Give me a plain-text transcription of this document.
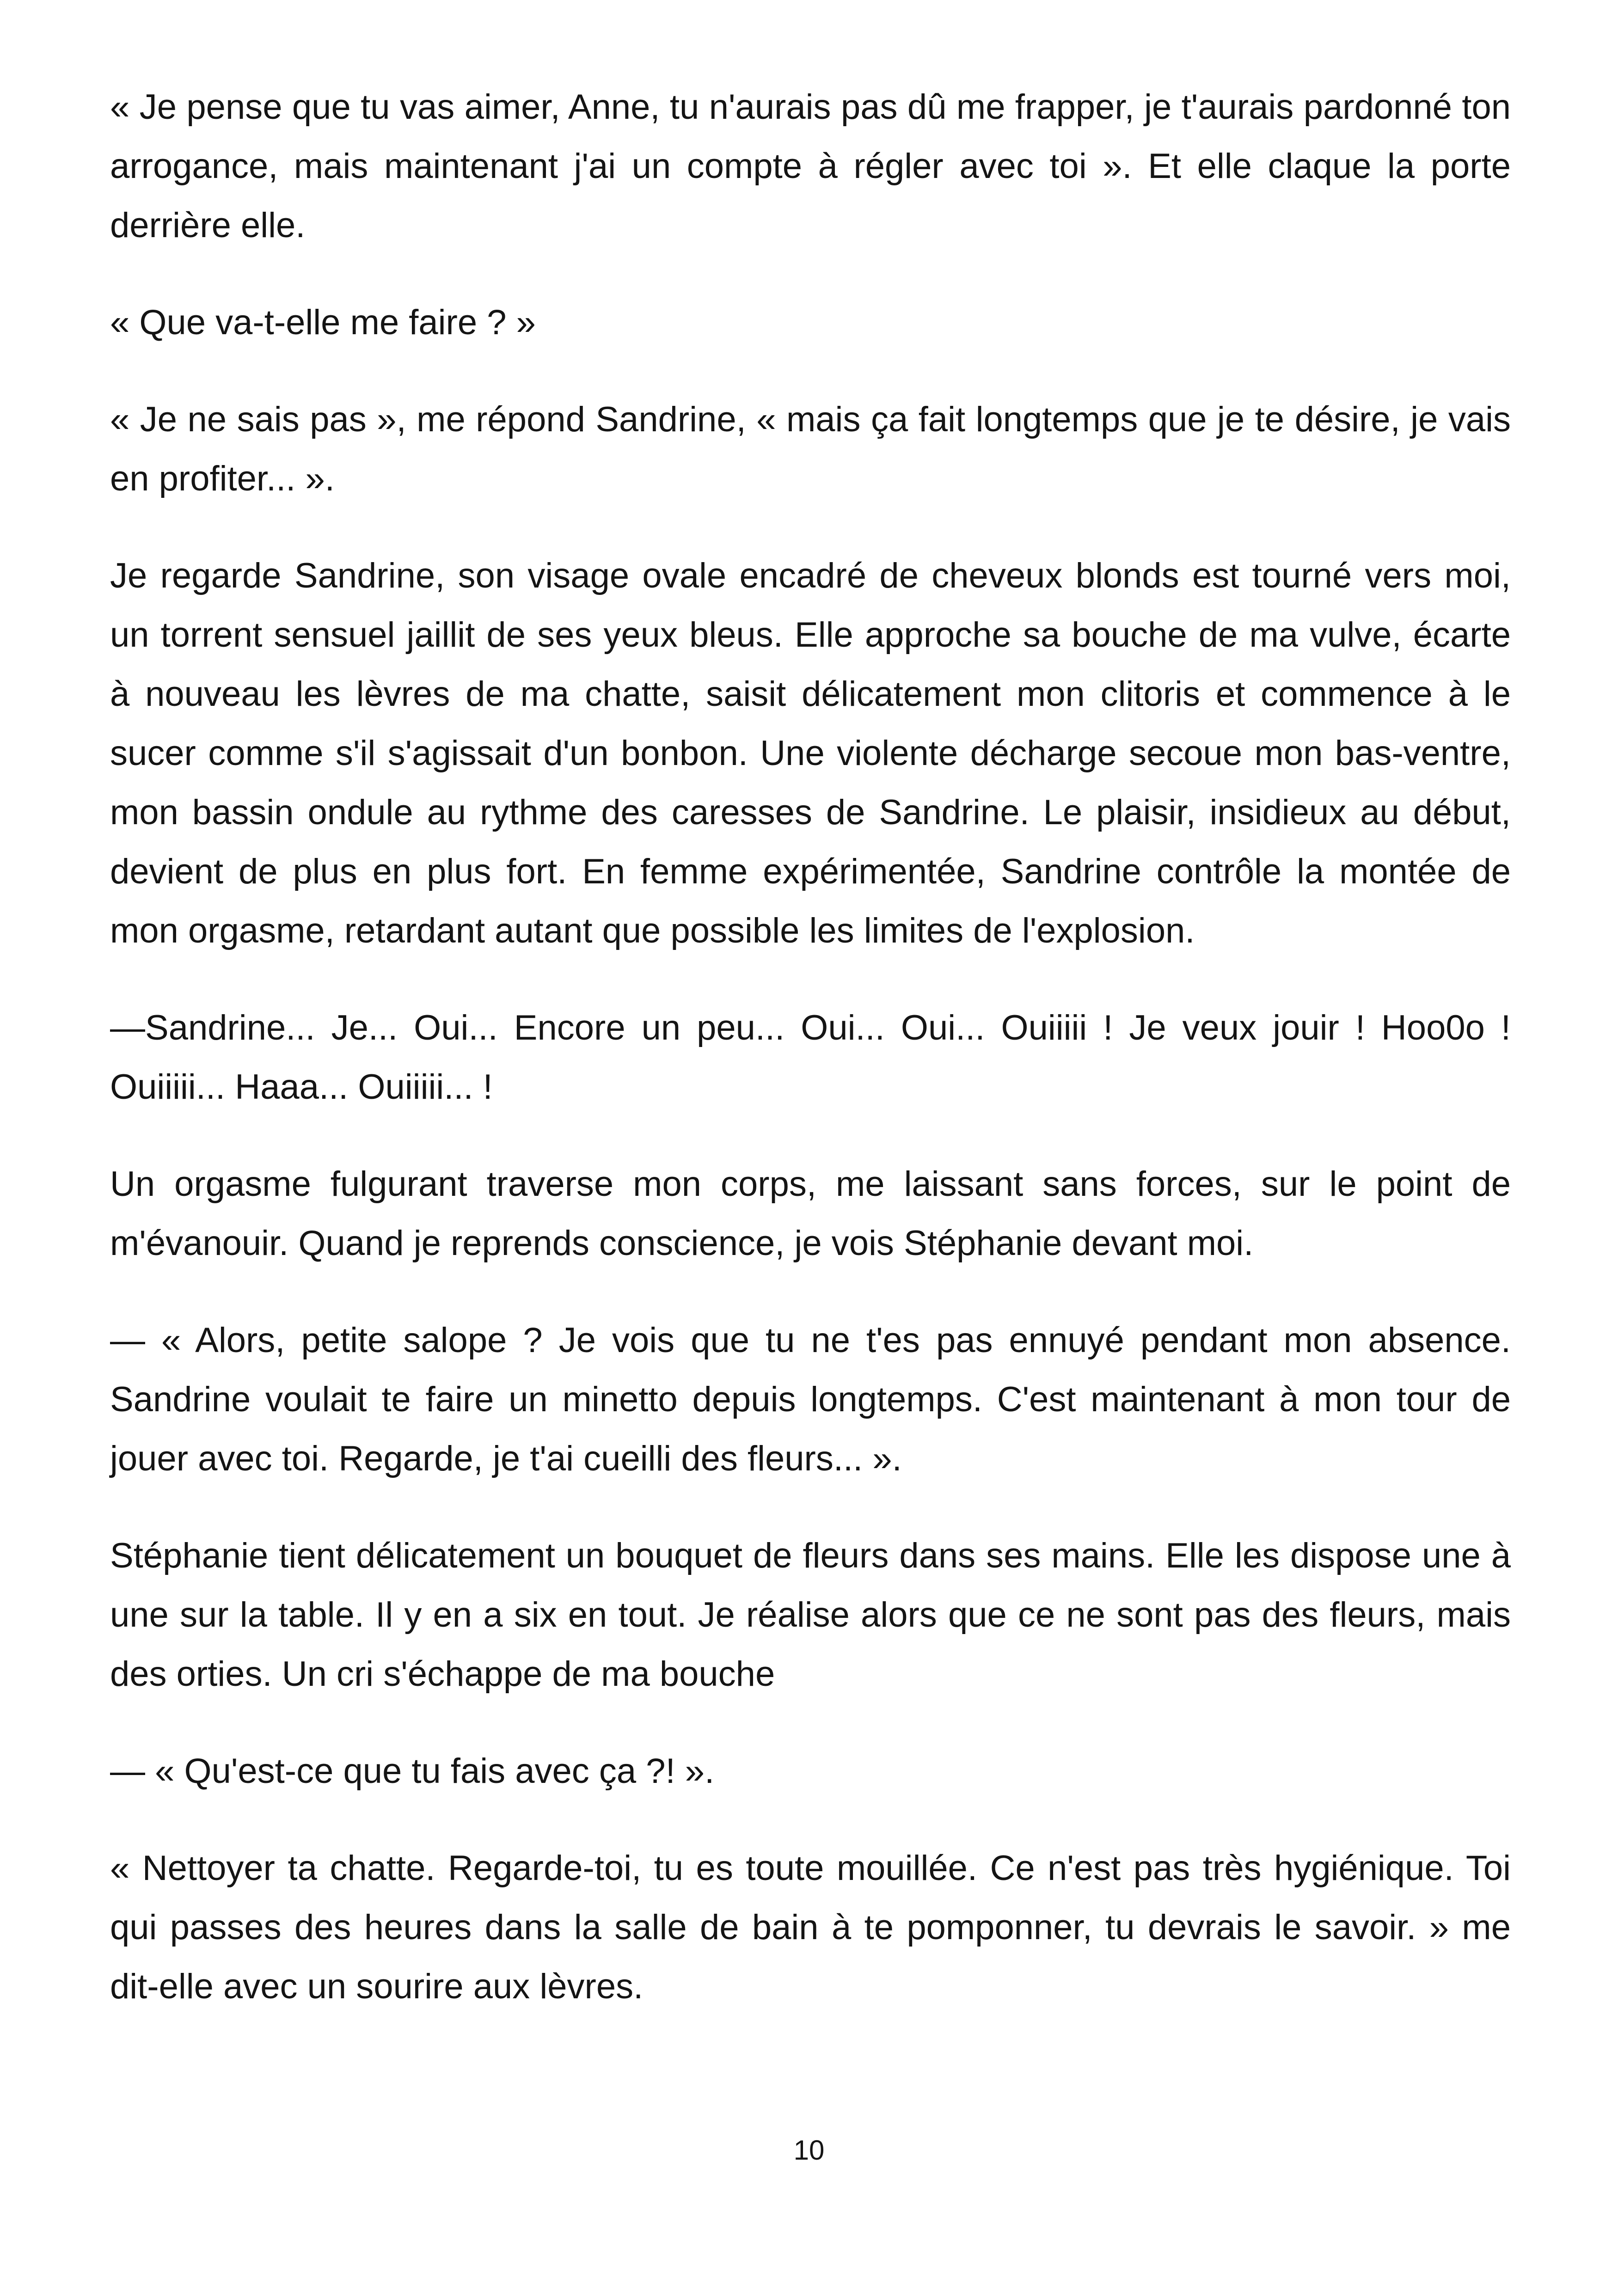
« Je pense que tu vas aimer, Anne, tu n'aurais pas dû me frapper, je t'aurais pardonné ton arrogance, mais maintenant j'ai un compte à régler avec toi ». Et elle claque la porte derrière elle.

« Que va-t-elle me faire ? »

« Je ne sais pas », me répond Sandrine, « mais ça fait longtemps que je te désire, je vais en profiter... ».

Je regarde Sandrine, son visage ovale encadré de cheveux blonds est tourné vers moi, un torrent sensuel jaillit de ses yeux bleus. Elle approche sa bouche de ma vulve, écarte à nouveau les lèvres de ma chatte, saisit délicatement mon clitoris et commence à le sucer comme s'il s'agissait d'un bonbon. Une violente décharge secoue mon bas-ventre, mon bassin ondule au rythme des caresses de Sandrine. Le plaisir, insidieux au début, devient de plus en plus fort. En femme expérimentée, Sandrine contrôle la montée de mon orgasme, retardant autant que possible les limites de l'explosion.

—Sandrine... Je... Oui... Encore un peu... Oui... Oui... Ouiiiii ! Je veux jouir ! Hoo0o ! Ouiiiii... Haaa... Ouiiiii... !

Un orgasme fulgurant traverse mon corps, me laissant sans forces, sur le point de m'évanouir. Quand je reprends conscience, je vois Stéphanie devant moi.

— « Alors, petite salope ? Je vois que tu ne t'es pas ennuyé pendant mon absence. Sandrine voulait te faire un minetto depuis longtemps. C'est maintenant à mon tour de jouer avec toi. Regarde, je t'ai cueilli des fleurs... ».

Stéphanie tient délicatement un bouquet de fleurs dans ses mains. Elle les dispose une à une sur la table. Il y en a six en tout. Je réalise alors que ce ne sont pas des fleurs, mais des orties. Un cri s'échappe de ma bouche

— « Qu'est-ce que tu fais avec ça ?! ».

« Nettoyer ta chatte. Regarde-toi, tu es toute mouillée. Ce n'est pas très hygiénique. Toi qui passes des heures dans la salle de bain à te pomponner, tu devrais le savoir. » me dit-elle avec un sourire aux lèvres.

10
